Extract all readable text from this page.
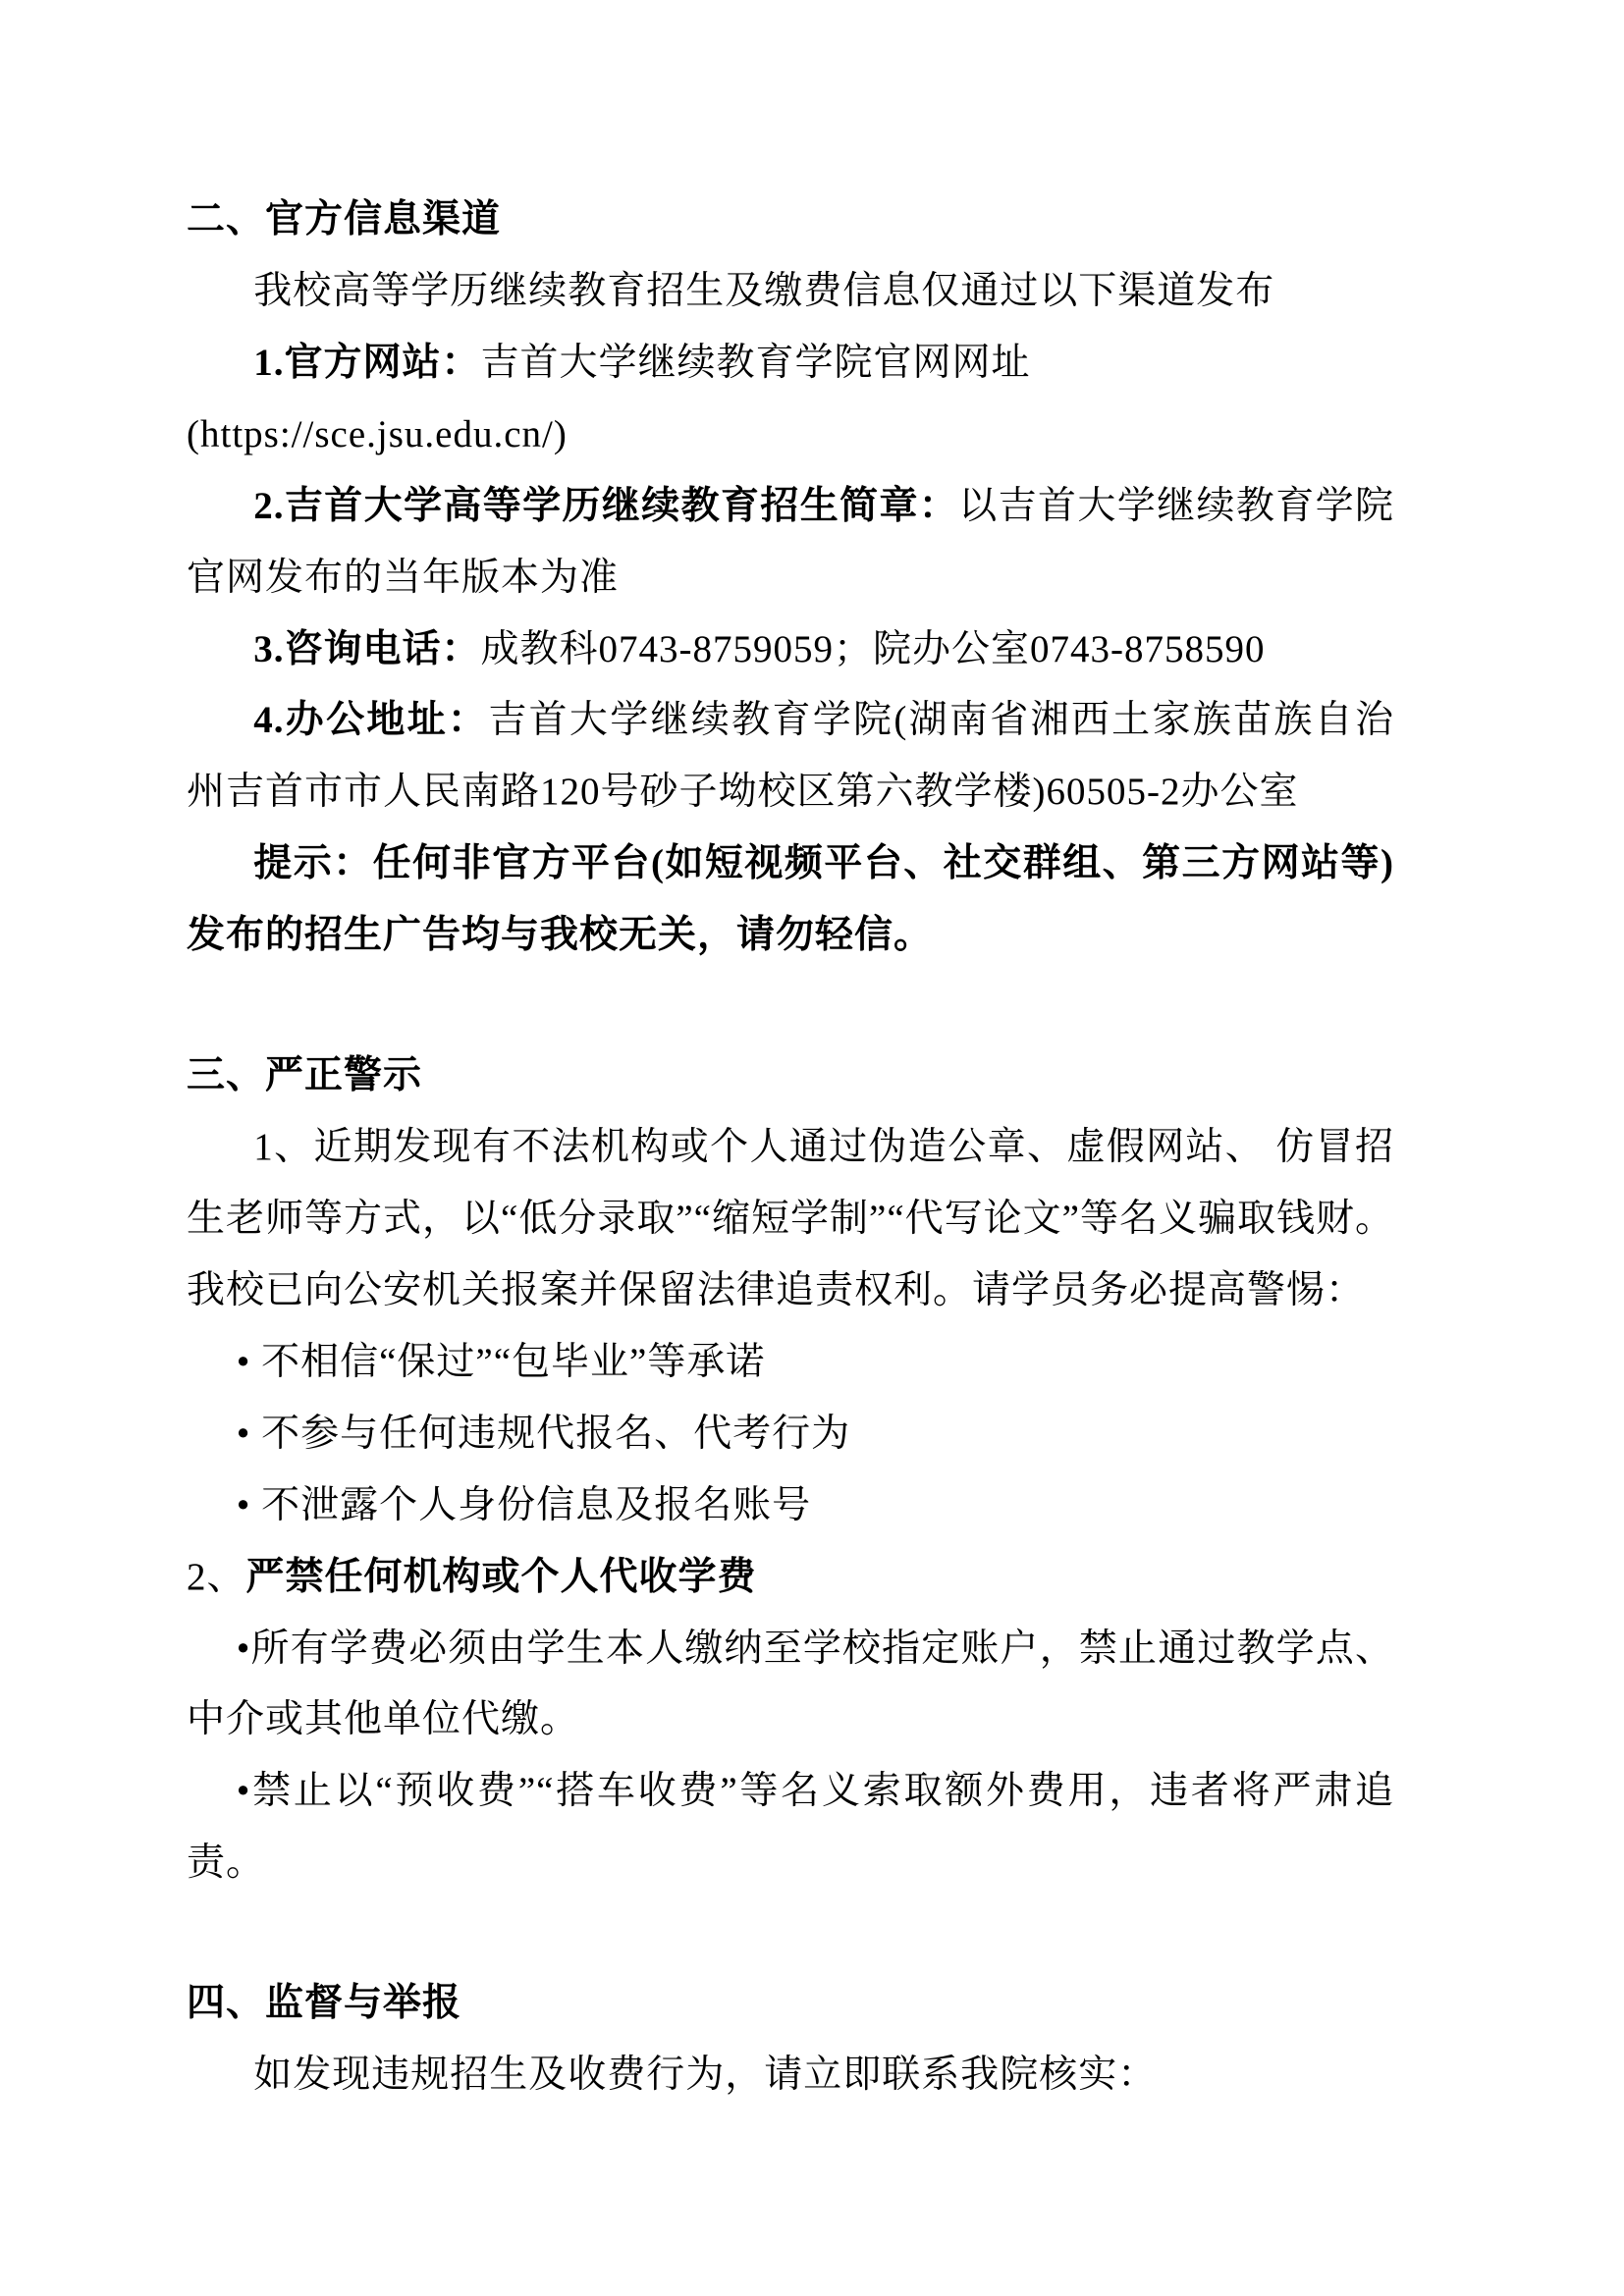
二、官方信息渠道

我校高等学历继续教育招生及缴费信息仅通过以下渠道发布

1.官方网站：吉首大学继续教育学院官网网址

(https://sce.jsu.edu.cn/)

2.吉首大学高等学历继续教育招生简章：以吉首大学继续教育学院官网发布的当年版本为准

3.咨询电话：成教科0743-8759059；院办公室0743-8758590

4.办公地址：吉首大学继续教育学院(湖南省湘西土家族苗族自治州吉首市市人民南路120号砂子坳校区第六教学楼)60505-2办公室

提示：任何非官方平台(如短视频平台、社交群组、第三方网站等)发布的招生广告均与我校无关，请勿轻信。

三、严正警示

1、近期发现有不法机构或个人通过伪造公章、虚假网站、 仿冒招生老师等方式，以“低分录取”“缩短学制”“代写论文”等名义骗取钱财。我校已向公安机关报案并保留法律追责权利。请学员务必提高警惕：

• 不相信“保过”“包毕业”等承诺

• 不参与任何违规代报名、代考行为

• 不泄露个人身份信息及报名账号

2、严禁任何机构或个人代收学费

•所有学费必须由学生本人缴纳至学校指定账户，禁止通过教学点、中介或其他单位代缴。

•禁止以“预收费”“搭车收费”等名义索取额外费用，违者将严肃追责。

四、监督与举报

如发现违规招生及收费行为，请立即联系我院核实：
